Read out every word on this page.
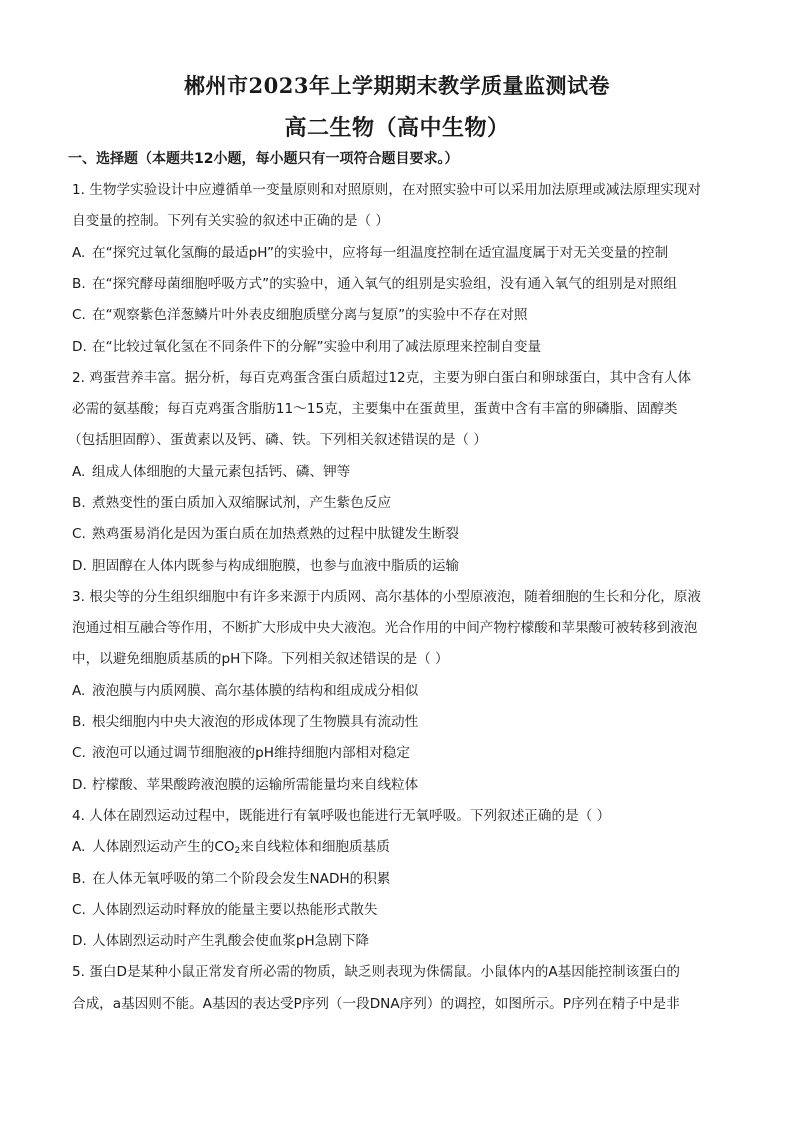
郴州市2023年上学期期末教学质量监测试卷
高二生物（高中生物）
一、选择题（本题共12小题，每小题只有一项符合题目要求。）
1. 生物学实验设计中应遵循单一变量原则和对照原则，在对照实验中可以采用加法原理或减法原理实现对
自变量的控制。下列有关实验的叙述中正确的是（ ）
A. 在“探究过氧化氢酶的最适pH”的实验中，应将每一组温度控制在适宜温度属于对无关变量的控制
B. 在“探究酵母菌细胞呼吸方式”的实验中，通入氧气的组别是实验组，没有通入氧气的组别是对照组
C. 在“观察紫色洋葱鳞片叶外表皮细胞质壁分离与复原”的实验中不存在对照
D. 在“比较过氧化氢在不同条件下的分解”实验中利用了减法原理来控制自变量
2. 鸡蛋营养丰富。据分析，每百克鸡蛋含蛋白质超过12克，主要为卵白蛋白和卵球蛋白，其中含有人体
必需的氨基酸；每百克鸡蛋含脂肪11～15克，主要集中在蛋黄里，蛋黄中含有丰富的卵磷脂、固醇类
（包括胆固醇）、蛋黄素以及钙、磷、铁。下列相关叙述错误的是（ ）
A. 组成人体细胞的大量元素包括钙、磷、钾等
B. 煮熟变性的蛋白质加入双缩脲试剂，产生紫色反应
C. 熟鸡蛋易消化是因为蛋白质在加热煮熟的过程中肽键发生断裂
D. 胆固醇在人体内既参与构成细胞膜，也参与血液中脂质的运输
3. 根尖等的分生组织细胞中有许多来源于内质网、高尔基体的小型原液泡，随着细胞的生长和分化，原液
泡通过相互融合等作用，不断扩大形成中央大液泡。光合作用的中间产物柠檬酸和苹果酸可被转移到液泡
中，以避免细胞质基质的pH下降。下列相关叙述错误的是（ ）
A. 液泡膜与内质网膜、高尔基体膜的结构和组成成分相似
B. 根尖细胞内中央大液泡的形成体现了生物膜具有流动性
C. 液泡可以通过调节细胞液的pH维持细胞内部相对稳定
D. 柠檬酸、苹果酸跨液泡膜的运输所需能量均来自线粒体
4. 人体在剧烈运动过程中，既能进行有氧呼吸也能进行无氧呼吸。下列叙述正确的是（ ）
A. 人体剧烈运动产生的$CO_2$来自线粒体和细胞质基质
B. 在人体无氧呼吸的第二个阶段会发生NADH的积累
C. 人体剧烈运动时释放的能量主要以热能形式散失
D. 人体剧烈运动时产生乳酸会使血浆pH急剧下降
5. 蛋白D是某种小鼠正常发育所必需的物质，缺乏则表现为侏儒鼠。小鼠体内的A基因能控制该蛋白的
合成，a基因则不能。A基因的表达受P序列（一段DNA序列）的调控，如图所示。P序列在精子中是非
